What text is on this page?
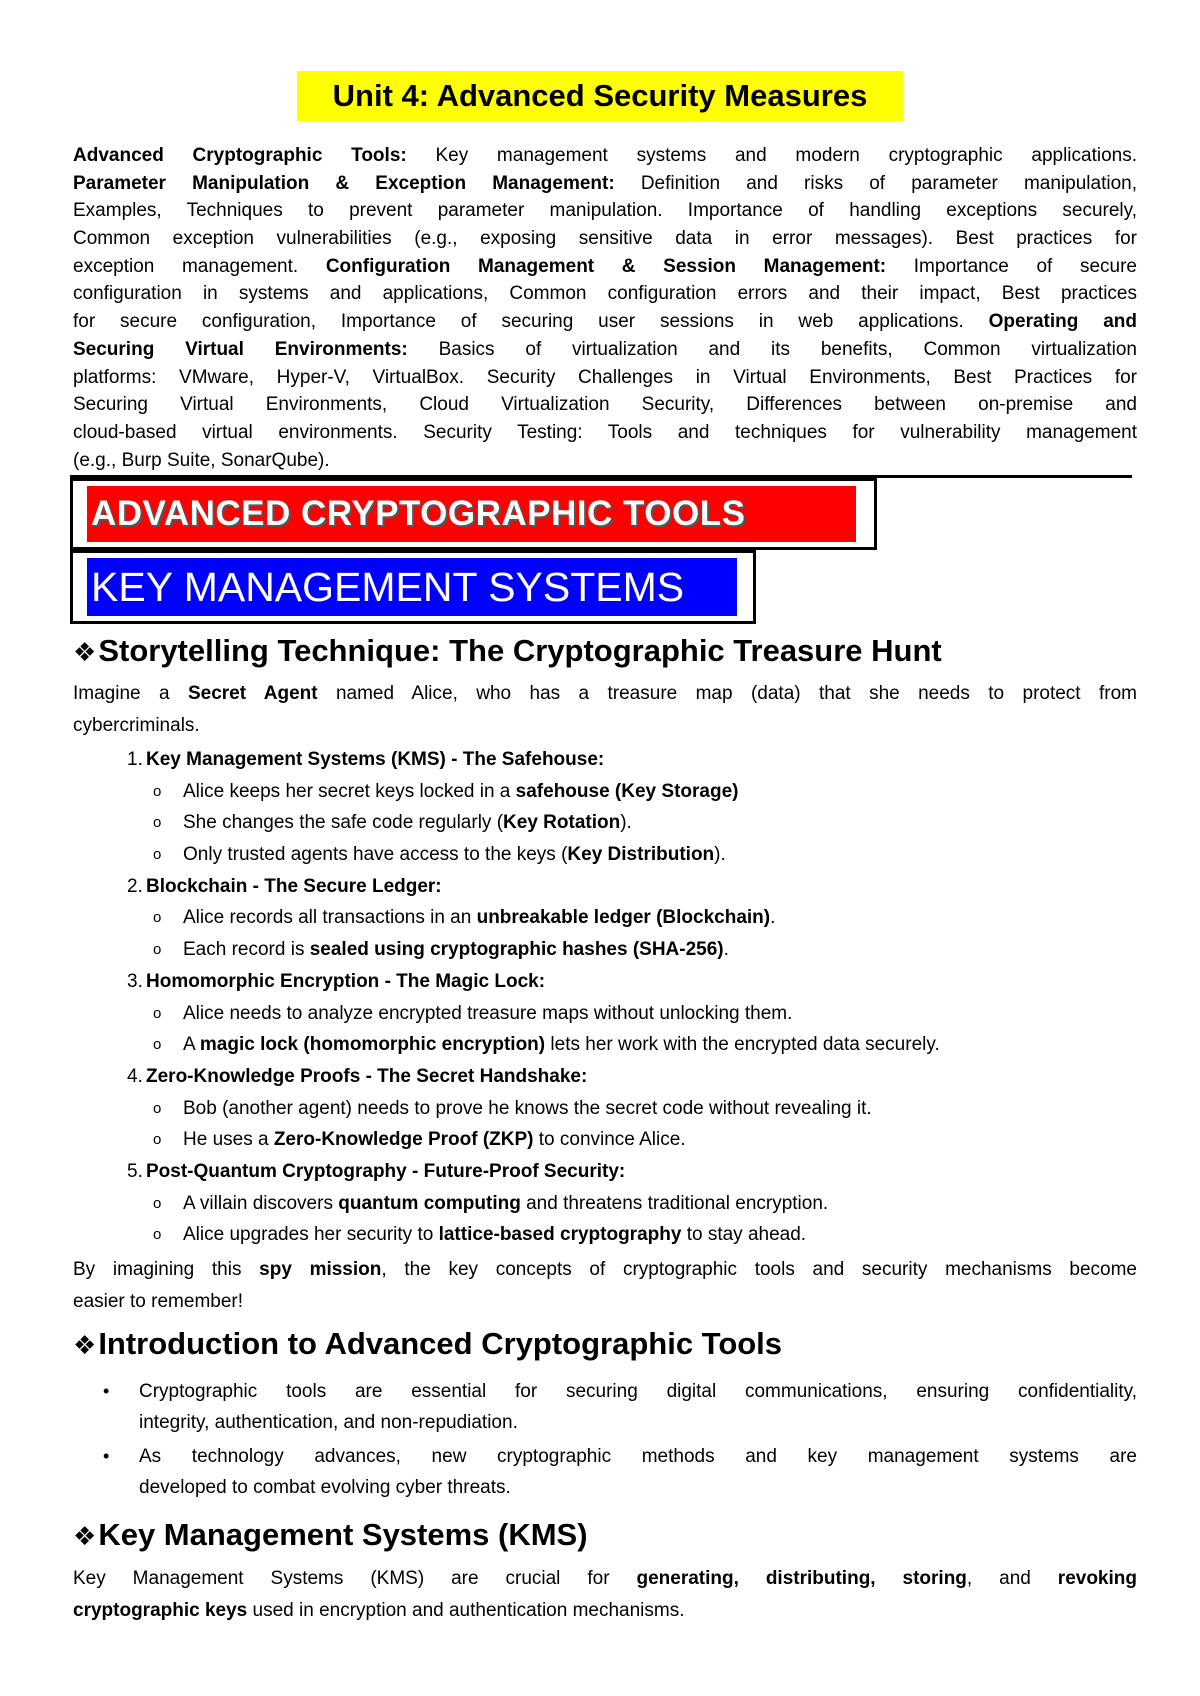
Unit 4: Advanced Security Measures
Advanced Cryptographic Tools: Key management systems and modern cryptographic applications.
Parameter Manipulation & Exception Management: Definition and risks of parameter manipulation,
Examples, Techniques to prevent parameter manipulation. Importance of handling exceptions securely,
Common exception vulnerabilities (e.g., exposing sensitive data in error messages). Best practices for
exception management. Configuration Management & Session Management: Importance of secure
configuration in systems and applications, Common configuration errors and their impact, Best practices
for secure configuration, Importance of securing user sessions in web applications. Operating and
Securing Virtual Environments: Basics of virtualization and its benefits, Common virtualization
platforms: VMware, Hyper-V, VirtualBox. Security Challenges in Virtual Environments, Best Practices for
Securing Virtual Environments, Cloud Virtualization Security, Differences between on-premise and
cloud-based virtual environments. Security Testing: Tools and techniques for vulnerability management
(e.g., Burp Suite, SonarQube).
ADVANCED CRYPTOGRAPHIC TOOLS
KEY MANAGEMENT SYSTEMS
❖Storytelling Technique: The Cryptographic Treasure Hunt
Imagine a Secret Agent named Alice, who has a treasure map (data) that she needs to protect from
cybercriminals.
1. Key Management Systems (KMS) - The Safehouse:
o Alice keeps her secret keys locked in a safehouse (Key Storage)
o She changes the safe code regularly (Key Rotation).
o Only trusted agents have access to the keys (Key Distribution).
2. Blockchain - The Secure Ledger:
o Alice records all transactions in an unbreakable ledger (Blockchain).
o Each record is sealed using cryptographic hashes (SHA-256).
3. Homomorphic Encryption - The Magic Lock:
o Alice needs to analyze encrypted treasure maps without unlocking them.
o A magic lock (homomorphic encryption) lets her work with the encrypted data securely.
4. Zero-Knowledge Proofs - The Secret Handshake:
o Bob (another agent) needs to prove he knows the secret code without revealing it.
o He uses a Zero-Knowledge Proof (ZKP) to convince Alice.
5. Post-Quantum Cryptography - Future-Proof Security:
o A villain discovers quantum computing and threatens traditional encryption.
o Alice upgrades her security to lattice-based cryptography to stay ahead.
By imagining this spy mission, the key concepts of cryptographic tools and security mechanisms become
easier to remember!
❖Introduction to Advanced Cryptographic Tools
• Cryptographic tools are essential for securing digital communications, ensuring confidentiality,
integrity, authentication, and non-repudiation.
• As technology advances, new cryptographic methods and key management systems are
developed to combat evolving cyber threats.
❖Key Management Systems (KMS)
Key Management Systems (KMS) are crucial for generating, distributing, storing, and revoking
cryptographic keys used in encryption and authentication mechanisms.
